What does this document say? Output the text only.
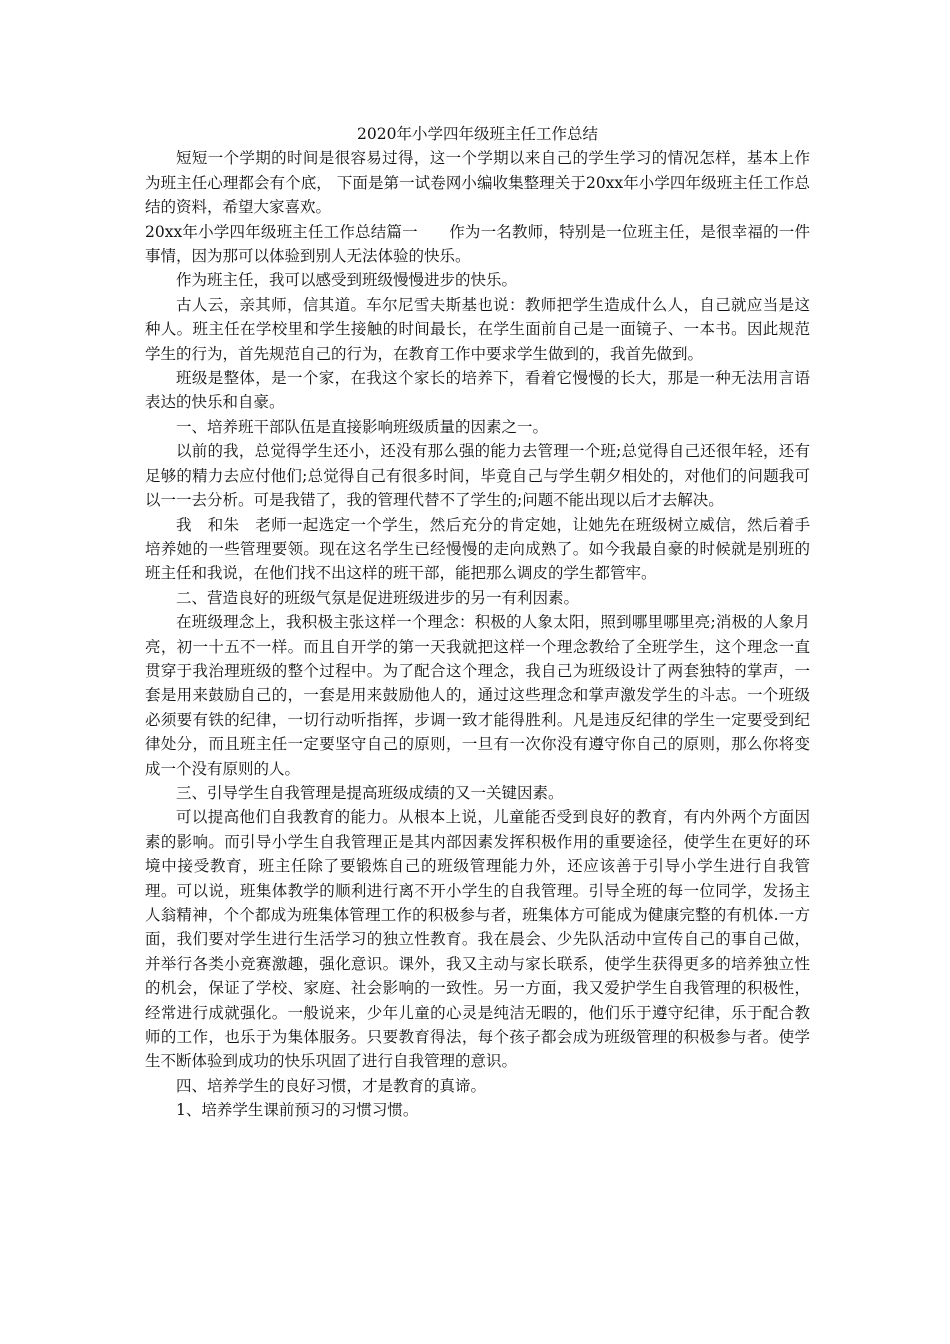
2020年小学四年级班主任工作总结

短短一个学期的时间是很容易过得，这一个学期以来自己的学生学习的情况怎样，基本上作为班主任心理都会有个底， 下面是第一试卷网小编收集整理关于20xx年小学四年级班主任工作总结的资料，希望大家喜欢。

20xx年小学四年级班主任工作总结篇一　　作为一名教师，特别是一位班主任，是很幸福的一件事情，因为那可以体验到别人无法体验的快乐。

作为班主任，我可以感受到班级慢慢进步的快乐。

古人云，亲其师，信其道。车尔尼雪夫斯基也说：教师把学生造成什么人，自己就应当是这种人。班主任在学校里和学生接触的时间最长，在学生面前自己是一面镜子、一本书。因此规范学生的行为，首先规范自己的行为，在教育工作中要求学生做到的，我首先做到。

班级是整体，是一个家，在我这个家长的培养下，看着它慢慢的长大，那是一种无法用言语表达的快乐和自豪。

一、培养班干部队伍是直接影响班级质量的因素之一。

以前的我，总觉得学生还小，还没有那么强的能力去管理一个班;总觉得自己还很年轻，还有足够的精力去应付他们;总觉得自己有很多时间，毕竟自己与学生朝夕相处的，对他们的问题我可以一一去分析。可是我错了，我的管理代替不了学生的;问题不能出现以后才去解决。

我　和朱　老师一起选定一个学生，然后充分的肯定她，让她先在班级树立威信，然后着手培养她的一些管理要领。现在这名学生已经慢慢的走向成熟了。如今我最自豪的时候就是别班的班主任和我说，在他们找不出这样的班干部，能把那么调皮的学生都管牢。

二、营造良好的班级气氛是促进班级进步的另一有利因素。

在班级理念上，我积极主张这样一个理念：积极的人象太阳，照到哪里哪里亮;消极的人象月亮，初一十五不一样。而且自开学的第一天我就把这样一个理念教给了全班学生，这个理念一直贯穿于我治理班级的整个过程中。为了配合这个理念，我自己为班级设计了两套独特的掌声，一套是用来鼓励自己的，一套是用来鼓励他人的，通过这些理念和掌声激发学生的斗志。一个班级必须要有铁的纪律，一切行动听指挥，步调一致才能得胜利。凡是违反纪律的学生一定要受到纪律处分，而且班主任一定要坚守自己的原则，一旦有一次你没有遵守你自己的原则，那么你将变成一个没有原则的人。

三、引导学生自我管理是提高班级成绩的又一关键因素。

可以提高他们自我教育的能力。从根本上说，儿童能否受到良好的教育，有内外两个方面因素的影响。而引导小学生自我管理正是其内部因素发挥积极作用的重要途径，使学生在更好的环境中接受教育，班主任除了要锻炼自己的班级管理能力外，还应该善于引导小学生进行自我管理。可以说，班集体教学的顺利进行离不开小学生的自我管理。引导全班的每一位同学，发扬主人翁精神，个个都成为班集体管理工作的积极参与者，班集体方可能成为健康完整的有机体.一方面，我们要对学生进行生活学习的独立性教育。我在晨会、少先队活动中宣传自己的事自己做，并举行各类小竞赛激趣，强化意识。课外，我又主动与家长联系，使学生获得更多的培养独立性的机会，保证了学校、家庭、社会影响的一致性。另一方面，我又爱护学生自我管理的积极性，经常进行成就强化。一般说来，少年儿童的心灵是纯洁无暇的，他们乐于遵守纪律，乐于配合教师的工作，也乐于为集体服务。只要教育得法，每个孩子都会成为班级管理的积极参与者。使学生不断体验到成功的快乐巩固了进行自我管理的意识。

四、培养学生的良好习惯，才是教育的真谛。

1、培养学生课前预习的习惯习惯。
